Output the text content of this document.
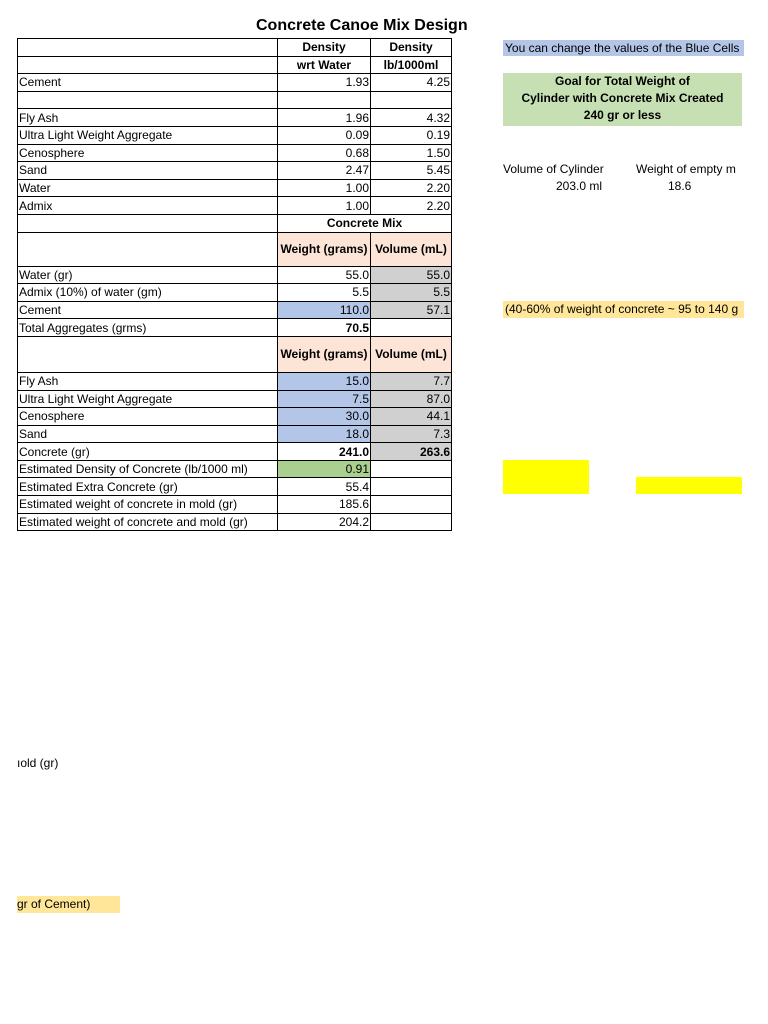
Concrete Canoe Mix Design
	Density	Density
	wrt Water	lb/1000ml
Cement	1.93	4.25

Fly Ash	1.96	4.32
Ultra Light Weight Aggregate	0.09	0.19
Cenosphere	0.68	1.50
Sand	2.47	5.45
Water	1.00	2.20
Admix	1.00	2.20
	Concrete Mix	
	Weight (grams)	Volume (mL)
Water (gr)	55.0	55.0
Admix (10%) of water (gm)	5.5	5.5
Cement	110.0	57.1
Total Aggregates (grms)	70.5	
	Weight (grams)	Volume (mL)
Fly Ash	15.0	7.7
Ultra Light Weight Aggregate	7.5	87.0
Cenosphere	30.0	44.1
Sand	18.0	7.3
Concrete (gr)	241.0	263.6
Estimated Density of Concrete (lb/1000 ml)	0.91	
Estimated Extra Concrete (gr)	55.4	
Estimated weight of concrete in mold (gr)	185.6	
Estimated weight of concrete and mold (gr)	204.2	
You can change the values of the Blue Cells
Goal for Total Weight of
Cylinder with Concrete Mix Created
240 gr or less
Volume of Cylinder
203.0 ml
Weight of empty m
18.6
(40-60% of weight of concrete ~ 95 to 140 g
ıold (gr)
gr of Cement)
